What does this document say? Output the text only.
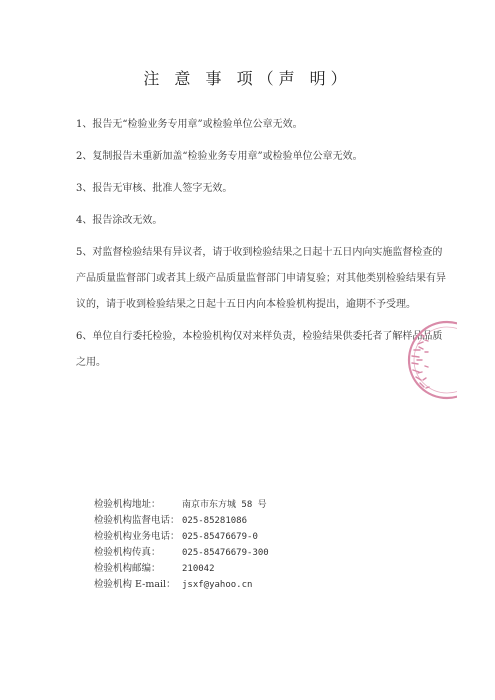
注 意 事 项（声 明）
1、报告无“检验业务专用章”或检验单位公章无效。
2、复制报告未重新加盖“检验业务专用章”或检验单位公章无效。
3、报告无审核、批准人签字无效。
4、报告涂改无效。
5、对监督检验结果有异议者，请于收到检验结果之日起十五日内向实施监督检查的产品质量监督部门或者其上级产品质量监督部门申请复验；对其他类别检验结果有异议的，请于收到检验结果之日起十五日内向本检验机构提出，逾期不予受理。
6、单位自行委托检验，本检验机构仅对来样负责，检验结果供委托者了解样品品质之用。
检验机构地址：	南京市东方城 58 号
检验机构监督电话： 025-85281086
检验机构业务电话： 025-85476679-0
检验机构传真：	025-85476679-300
检验机构邮编：	210042
检验机构 E-mail： jsxf@yahoo.cn
